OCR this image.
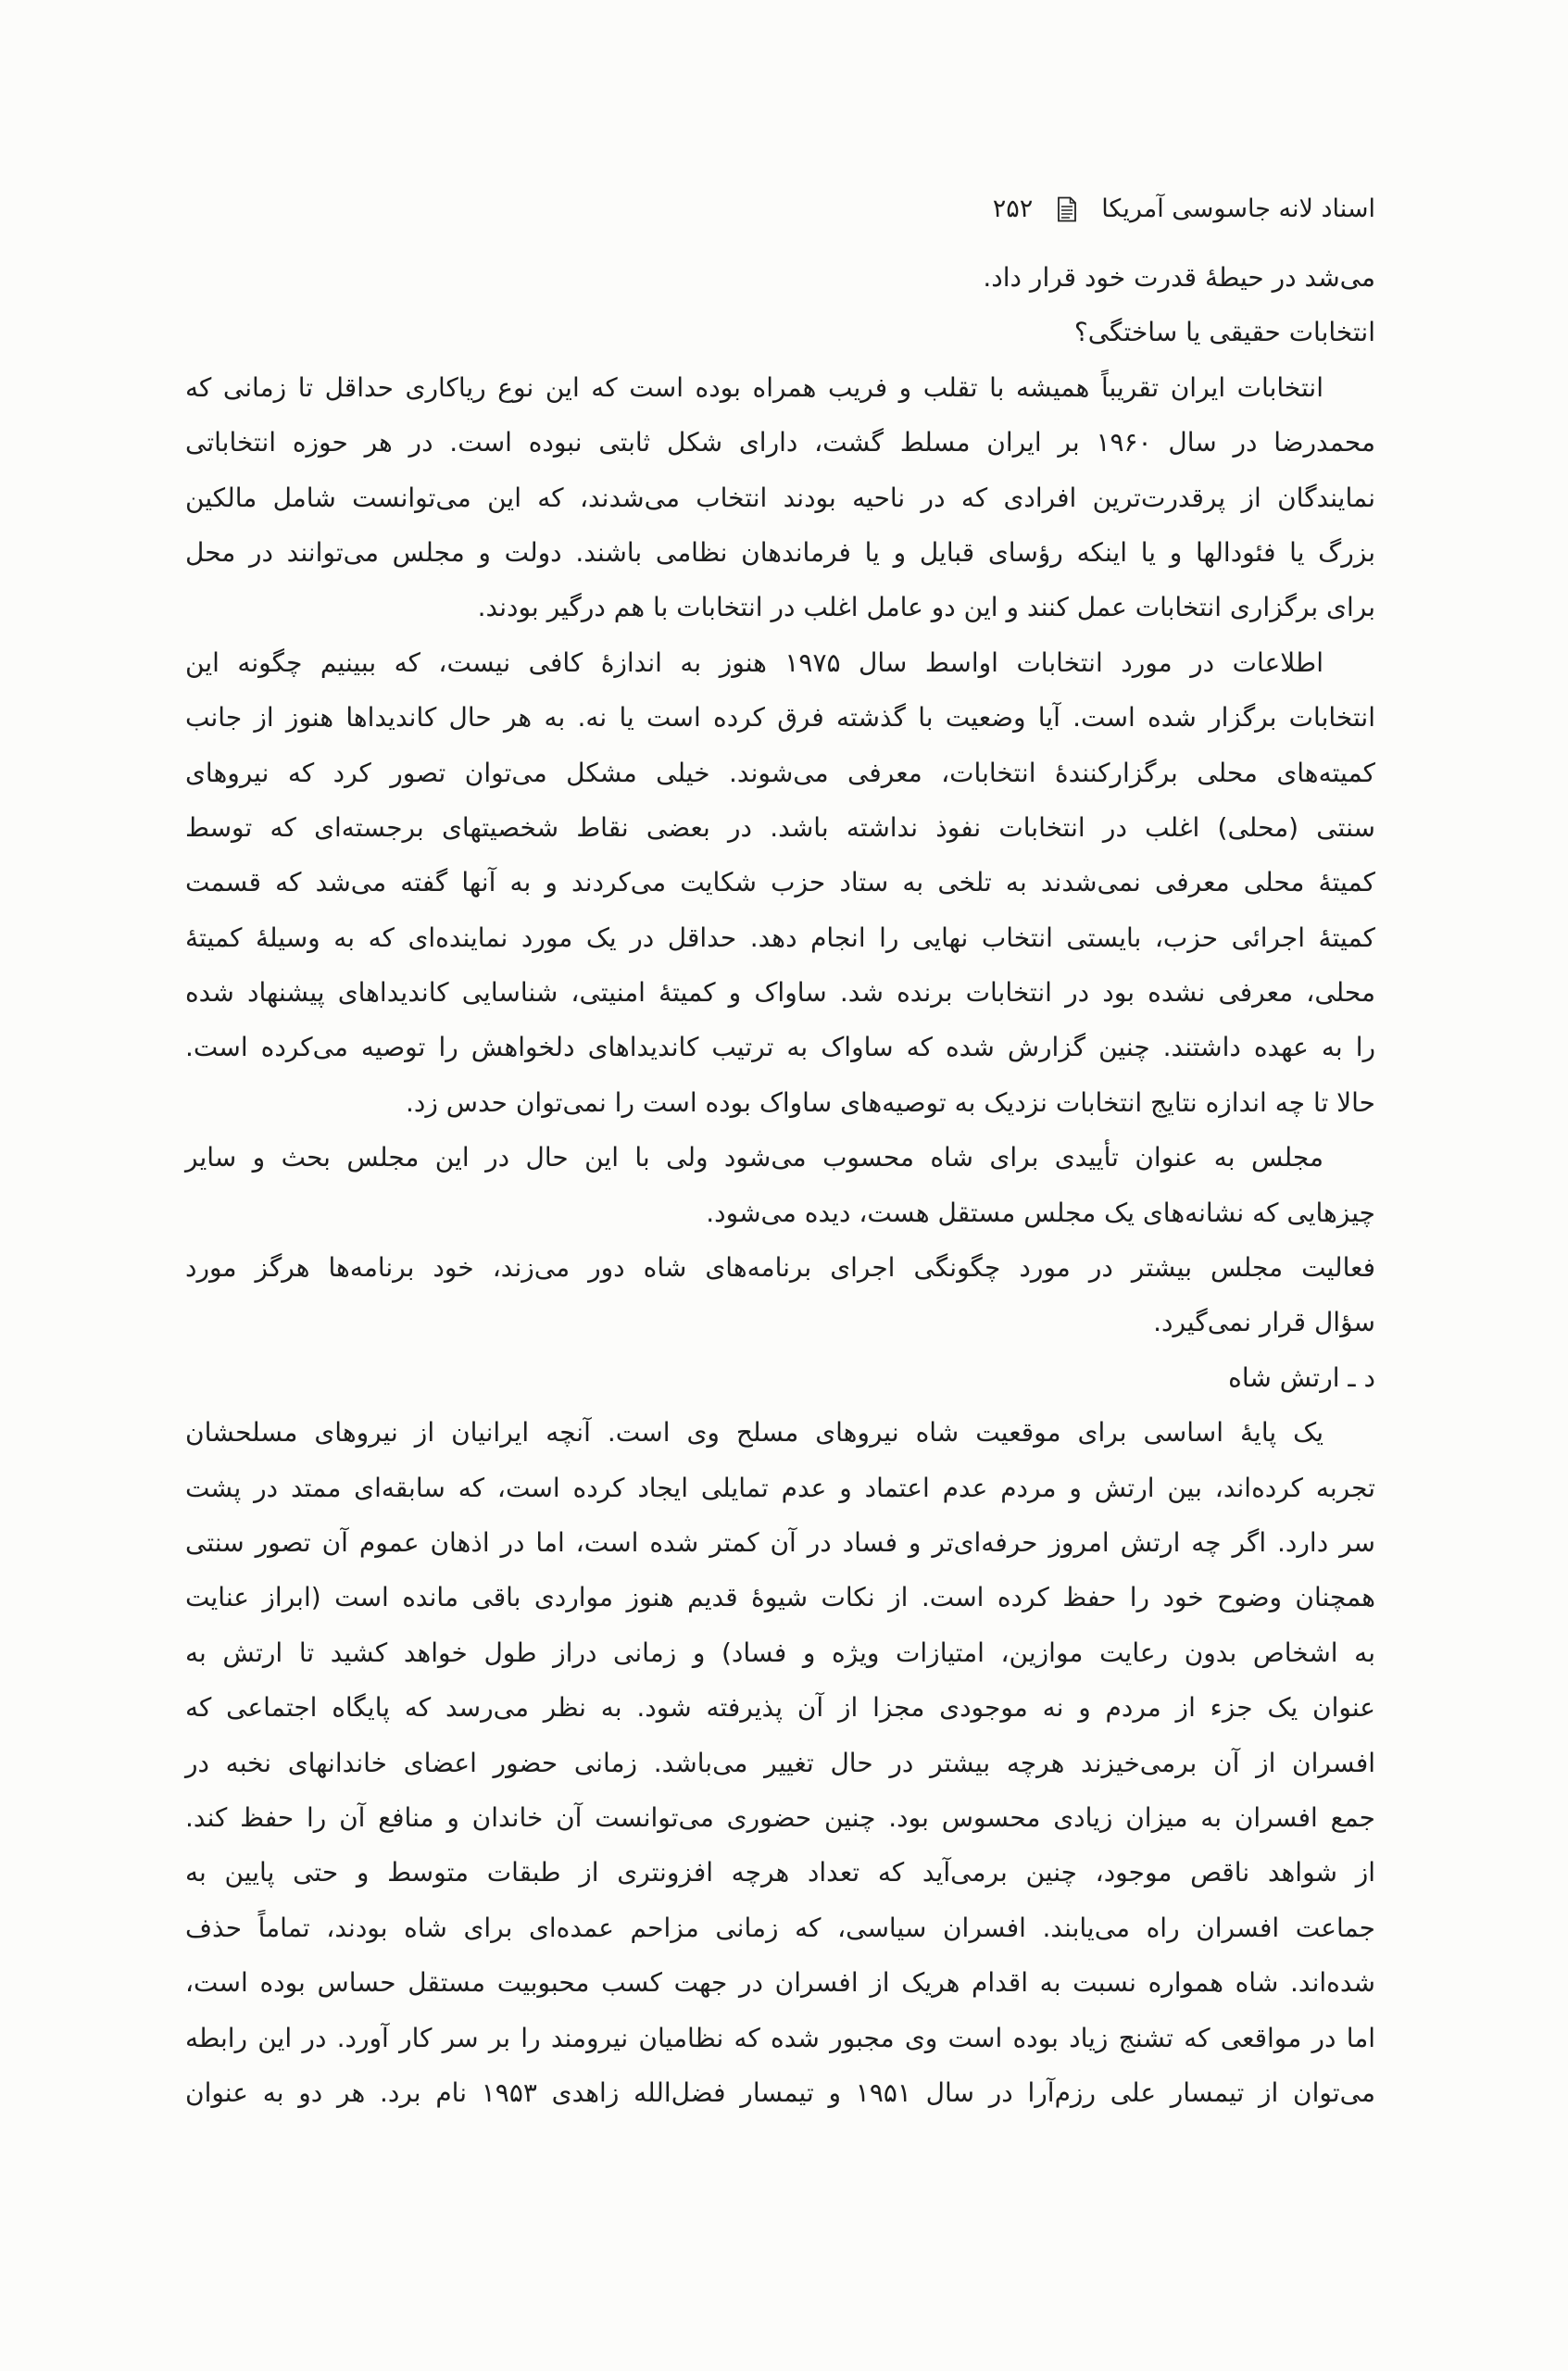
اسناد لانه جاسوسی آمریکا
۲۵۲
می‌شد در حیطۀ قدرت خود قرار داد.
انتخابات حقیقی یا ساختگی؟
انتخابات ایران تقریباً همیشه با تقلب و فریب همراه بوده است که این نوع ریاکاری حداقل تا زمانی که
محمدرضا در سال ۱۹۶۰ بر ایران مسلط گشت، دارای شکل ثابتی نبوده است. در هر حوزه انتخاباتی
نمایندگان از پرقدرت‌ترین افرادی که در ناحیه بودند انتخاب می‌شدند، که این می‌توانست شامل مالکین
بزرگ یا فئودالها و یا اینکه رؤسای قبایل و یا فرماندهان نظامی باشند. دولت و مجلس می‌توانند در محل
برای برگزاری انتخابات عمل کنند و این دو عامل اغلب در انتخابات با هم درگیر بودند.
اطلاعات در مورد انتخابات اواسط سال ۱۹۷۵ هنوز به اندازۀ کافی نیست، که ببینیم چگونه این
انتخابات برگزار شده است. آیا وضعیت با گذشته فرق کرده است یا نه. به هر حال کاندیداها هنوز از جانب
کمیته‌های محلی برگزارکنندۀ انتخابات، معرفی می‌شوند. خیلی مشکل می‌توان تصور کرد که نیروهای
سنتی (محلی) اغلب در انتخابات نفوذ نداشته باشد. در بعضی نقاط شخصیتهای برجسته‌ای که توسط
کمیتۀ محلی معرفی نمی‌شدند به تلخی به ستاد حزب شکایت می‌کردند و به آنها گفته می‌شد که قسمت
کمیتۀ اجرائی حزب، بایستی انتخاب نهایی را انجام دهد. حداقل در یک مورد نماینده‌ای که به وسیلۀ کمیتۀ
محلی، معرفی نشده بود در انتخابات برنده شد. ساواک و کمیتۀ امنیتی، شناسایی کاندیداهای پیشنهاد شده
را به عهده داشتند. چنین گزارش شده که ساواک به ترتیب کاندیداهای دلخواهش را توصیه می‌کرده است.
حالا تا چه اندازه نتایج انتخابات نزدیک به توصیه‌های ساواک بوده است را نمی‌توان حدس زد.
مجلس به عنوان تأییدی برای شاه محسوب می‌شود ولی با این حال در این مجلس بحث و سایر
چیزهایی که نشانه‌های یک مجلس مستقل هست، دیده می‌شود.
فعالیت مجلس بیشتر در مورد چگونگی اجرای برنامه‌های شاه دور می‌زند، خود برنامه‌ها هرگز مورد
سؤال قرار نمی‌گیرد.
د ـ ارتش شاه
یک پایۀ اساسی برای موقعیت شاه نیروهای مسلح وی است. آنچه ایرانیان از نیروهای مسلحشان
تجربه کرده‌اند، بین ارتش و مردم عدم اعتماد و عدم تمایلی ایجاد کرده است، که سابقه‌ای ممتد در پشت
سر دارد. اگر چه ارتش امروز حرفه‌ای‌تر و فساد در آن کمتر شده است، اما در اذهان عموم آن تصور سنتی
همچنان وضوح خود را حفظ کرده است. از نکات شیوۀ قدیم هنوز مواردی باقی مانده است (ابراز عنایت
به اشخاص بدون رعایت موازین، امتیازات ویژه و فساد) و زمانی دراز طول خواهد کشید تا ارتش به
عنوان یک جزء از مردم و نه موجودی مجزا از آن پذیرفته شود. به نظر می‌رسد که پایگاه اجتماعی که
افسران از آن برمی‌خیزند هرچه بیشتر در حال تغییر می‌باشد. زمانی حضور اعضای خاندانهای نخبه در
جمع افسران به میزان زیادی محسوس بود. چنین حضوری می‌توانست آن خاندان و منافع آن را حفظ کند.
از شواهد ناقص موجود، چنین برمی‌آید که تعداد هرچه افزونتری از طبقات متوسط و حتی پایین به
جماعت افسران راه می‌یابند. افسران سیاسی، که زمانی مزاحم عمده‌ای برای شاه بودند، تماماً حذف
شده‌اند. شاه همواره نسبت به اقدام هریک از افسران در جهت کسب محبوبیت مستقل حساس بوده است،
اما در مواقعی که تشنج زیاد بوده است وی مجبور شده که نظامیان نیرومند را بر سر کار آورد. در این رابطه
می‌توان از تیمسار علی رزم‌آرا در سال ۱۹۵۱ و تیمسار فضل‌الله زاهدی ۱۹۵۳ نام برد. هر دو به عنوان
